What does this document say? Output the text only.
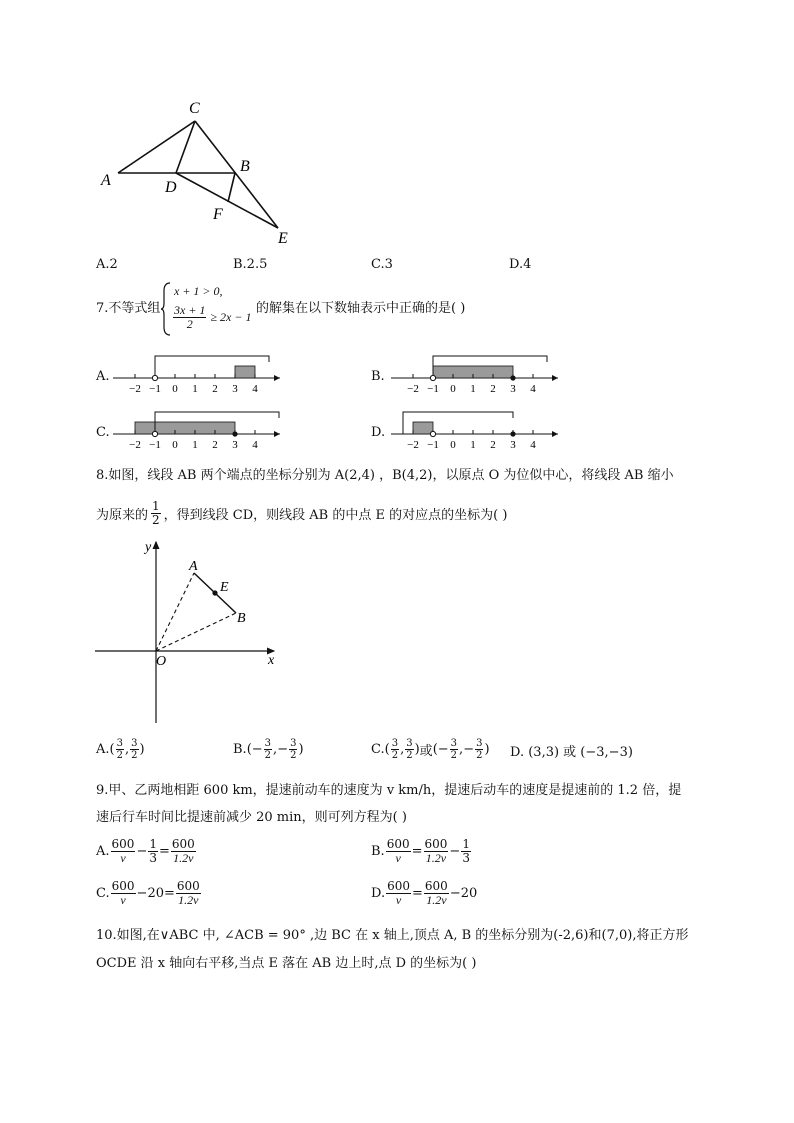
A
C
B
D
F
E
A.2	B.2.5	C.3	D.4
7.不等式组
x + 1 > 0,
$\frac{3x + 1}{2} \ge 2x - 1$
的解集在以下数轴表示中正确的是( )
A.	B.
C.	D.
−2 −1 0 1 2 3 4	−2 −1 0 1 2 3 4
−2 −1 0 1 2 3 4	−2 −1 0 1 2 3 4
8.如图，线段 AB 两个端点的坐标分别为 A(2,4) ，B(4,2)，以原点 O 为位似中心，将线段 AB 缩小
为原来的 $\frac{1}{2}$ ，得到线段 CD，则线段 AB 的中点 E 的对应点的坐标为( )
y
x
O
A
B
E
A. ( $\frac{3}{2}$ , $\frac{3}{2}$ )	B. ( − $\frac{3}{2}$ , − $\frac{3}{2}$ )	C. ( $\frac{3}{2}$ , $\frac{3}{2}$ ) 或 ( − $\frac{3}{2}$ , − $\frac{3}{2}$ ) D. (3,3) 或 (−3,−3)
9.甲、乙两地相距 600 km，提速前动车的速度为 v km/h，提速后动车的速度是提速前的 1.2 倍，提
速后行车时间比提速前减少 20 min，则可列方程为( )
A. $\frac{600}{v} - \frac{1}{3} = \frac{600}{1.2v}$	B. $\frac{600}{v} = \frac{600}{1.2v} - \frac{1}{3}$
C. $\frac{600}{v} - 20 = \frac{600}{1.2v}$	D. $\frac{600}{v} = \frac{600}{1.2v} - 20$
10.如图,在∨ABC 中, ∠ACB = 90° ,边 BC 在 x 轴上,顶点 A, B 的坐标分别为(-2,6)和(7,0),将正方形
OCDE 沿 x 轴向右平移,当点 E 落在 AB 边上时,点 D 的坐标为( )
